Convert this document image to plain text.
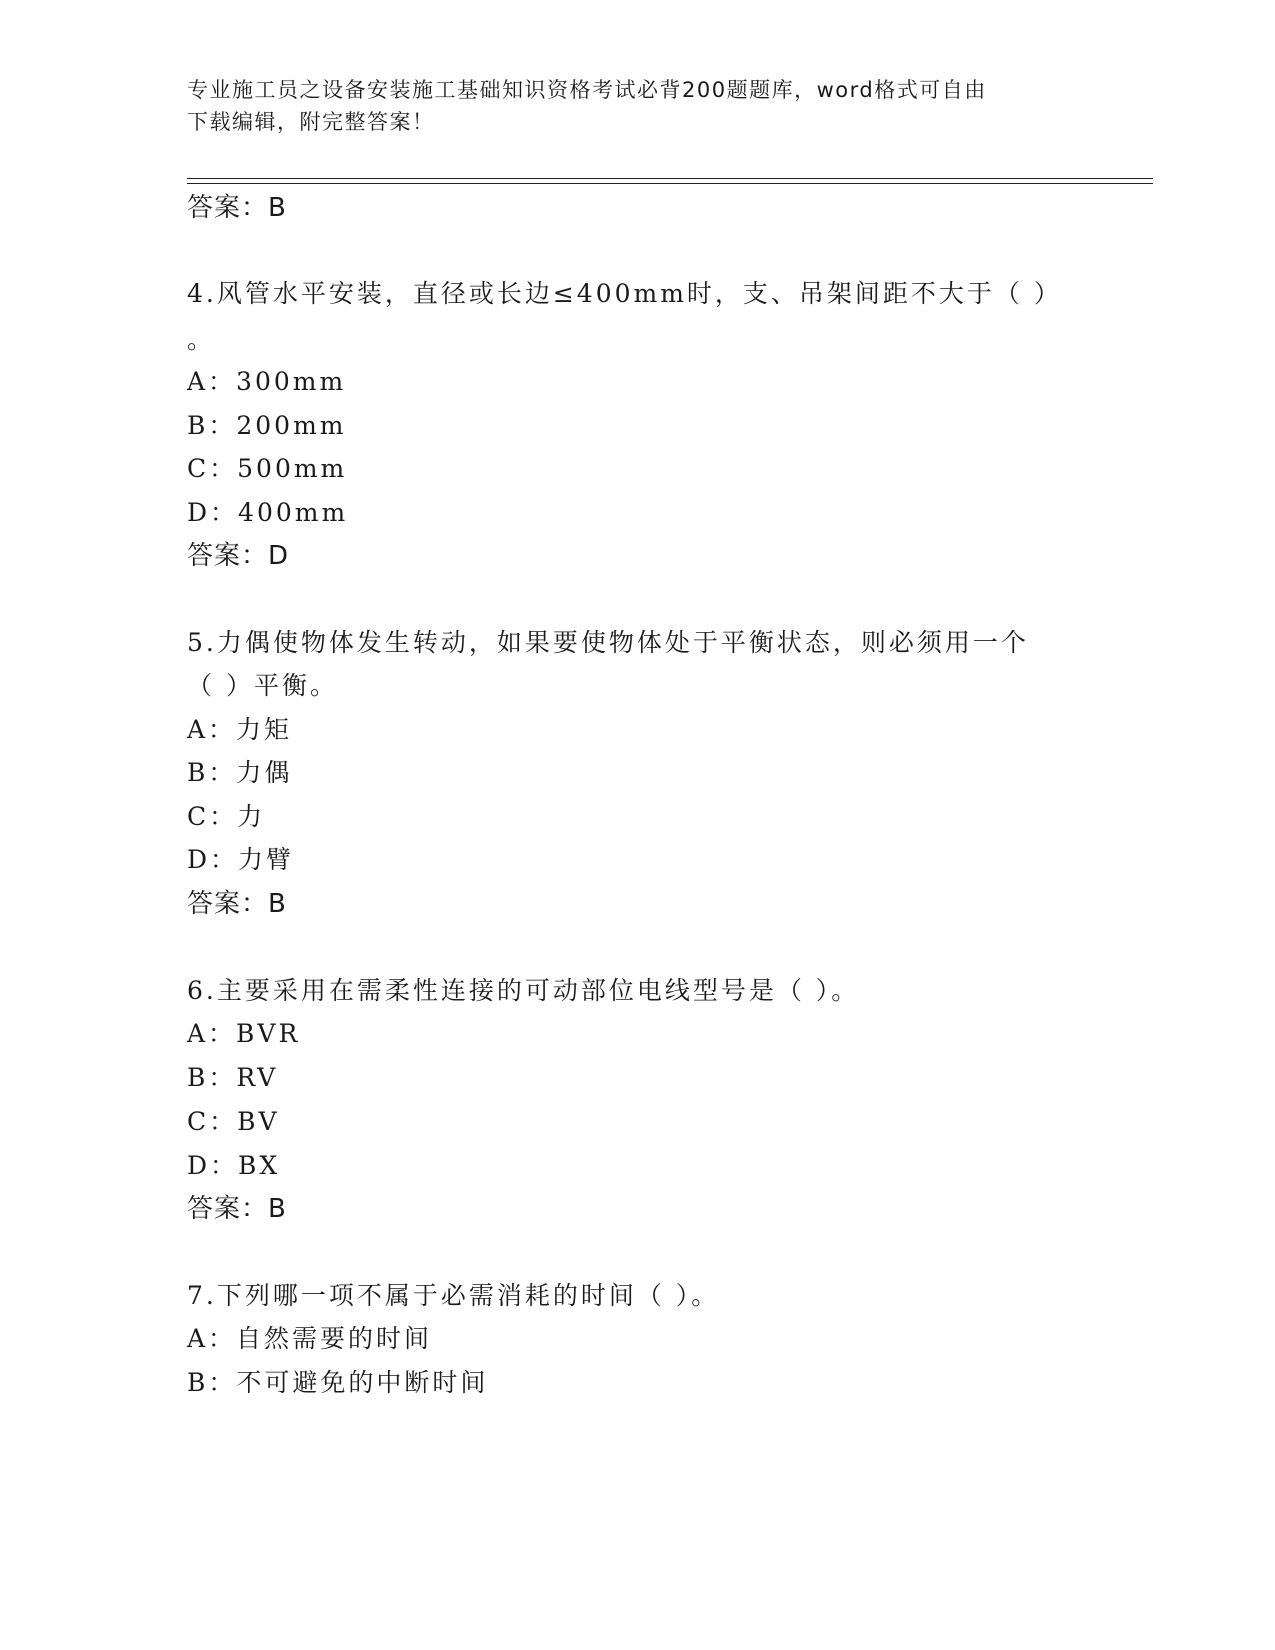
专业施工员之设备安装施工基础知识资格考试必背200题题库，word格式可自由
下载编辑，附完整答案！
答案：B
4.风管水平安装，直径或长边≤400mm时，支、吊架间距不大于（ ）
。
A：300mm
B：200mm
C：500mm
D：400mm
答案：D
5.力偶使物体发生转动，如果要使物体处于平衡状态，则必须用一个
（ ）平衡。
A：力矩
B：力偶
C：力
D：力臂
答案：B
6.主要采用在需柔性连接的可动部位电线型号是（ ）。
A：BVR
B：RV
C：BV
D：BX
答案：B
7.下列哪一项不属于必需消耗的时间（ ）。
A：自然需要的时间
B：不可避免的中断时间
